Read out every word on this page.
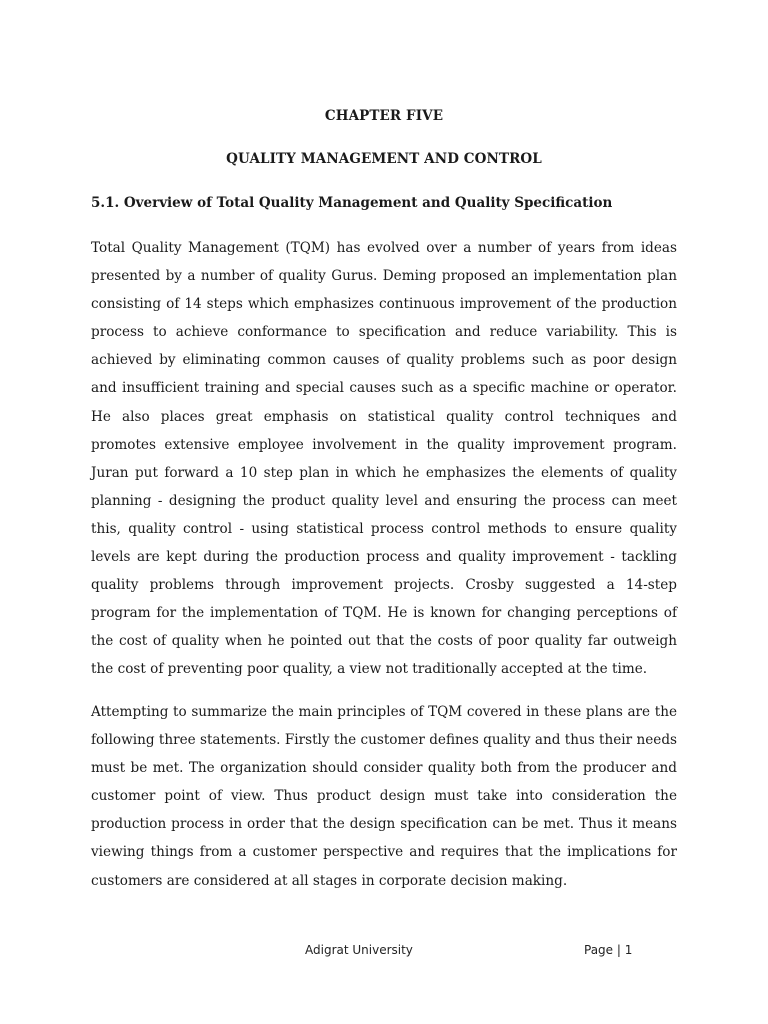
CHAPTER FIVE
QUALITY MANAGEMENT AND CONTROL
5.1. Overview of Total Quality Management and Quality Specification

Total Quality Management (TQM) has evolved over a number of years from ideas presented by a number of quality Gurus. Deming proposed an implementation plan consisting of 14 steps which emphasizes continuous improvement of the production process to achieve conformance to specification and reduce variability. This is achieved by eliminating common causes of quality problems such as poor design and insufficient training and special causes such as a specific machine or operator. He also places great emphasis on statistical quality control techniques and promotes extensive employee involvement in the quality improvement program. Juran put forward a 10 step plan in which he emphasizes the elements of quality planning - designing the product quality level and ensuring the process can meet this, quality control - using statistical process control methods to ensure quality levels are kept during the production process and quality improvement - tackling quality problems through improvement projects. Crosby suggested a 14-step program for the implementation of TQM. He is known for changing perceptions of the cost of quality when he pointed out that the costs of poor quality far outweigh the cost of preventing poor quality, a view not traditionally accepted at the time.

Attempting to summarize the main principles of TQM covered in these plans are the following three statements. Firstly the customer defines quality and thus their needs must be met. The organization should consider quality both from the producer and customer point of view. Thus product design must take into consideration the production process in order that the design specification can be met. Thus it means viewing things from a customer perspective and requires that the implications for customers are considered at all stages in corporate decision making.

Adigrat University	Page | 1
